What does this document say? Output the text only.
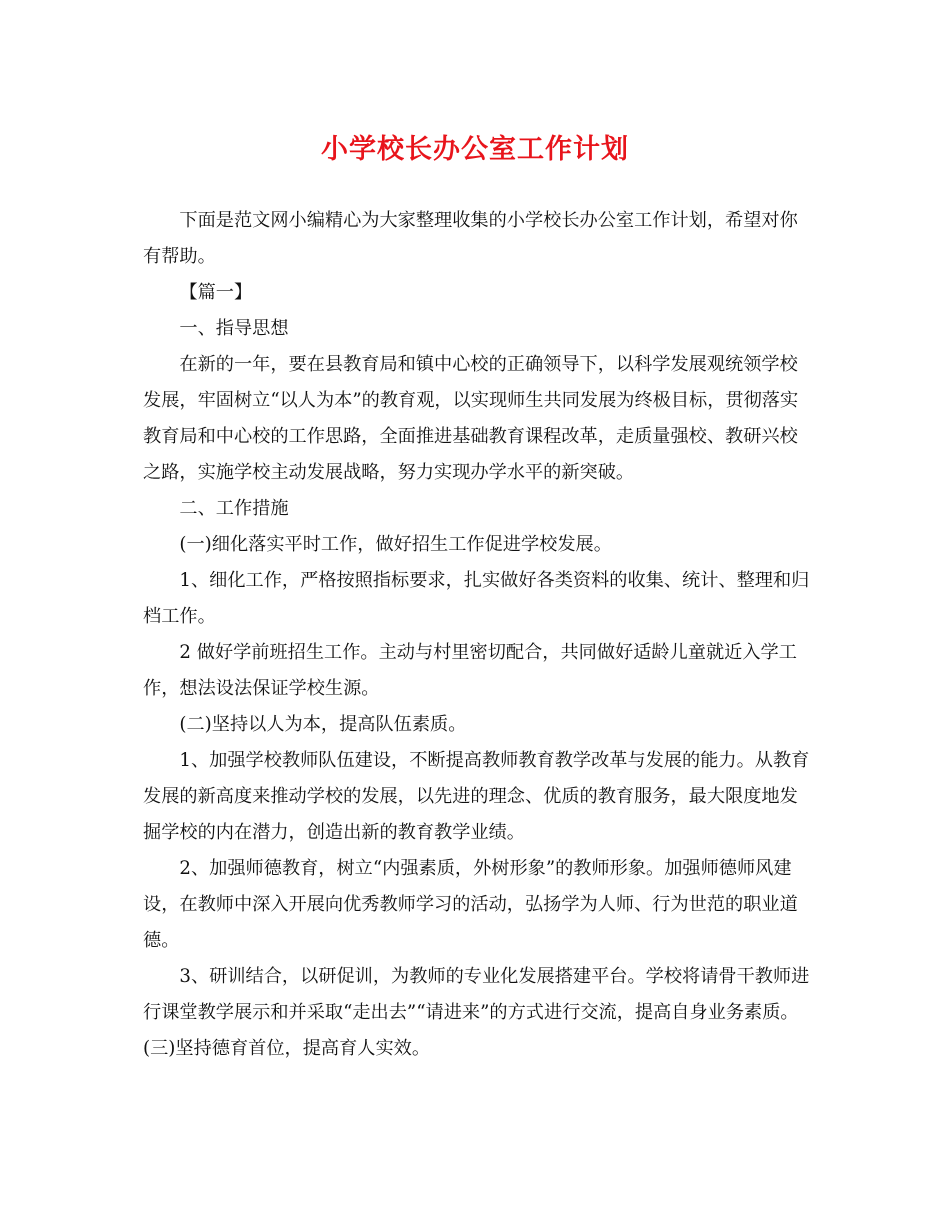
小学校长办公室工作计划

下面是范文网小编精心为大家整理收集的小学校长办公室工作计划，希望对你有帮助。

【篇一】

一、指导思想

在新的一年，要在县教育局和镇中心校的正确领导下，以科学发展观统领学校发展，牢固树立“以人为本”的教育观，以实现师生共同发展为终极目标，贯彻落实教育局和中心校的工作思路，全面推进基础教育课程改革，走质量强校、教研兴校之路，实施学校主动发展战略，努力实现办学水平的新突破。

二、工作措施

(一)细化落实平时工作，做好招生工作促进学校发展。

1、细化工作，严格按照指标要求，扎实做好各类资料的收集、统计、整理和归档工作。

2 做好学前班招生工作。主动与村里密切配合，共同做好适龄儿童就近入学工作，想法设法保证学校生源。

(二)坚持以人为本，提高队伍素质。

1、加强学校教师队伍建设，不断提高教师教育教学改革与发展的能力。从教育发展的新高度来推动学校的发展，以先进的理念、优质的教育服务，最大限度地发掘学校的内在潜力，创造出新的教育教学业绩。

2、加强师德教育，树立“内强素质，外树形象”的教师形象。加强师德师风建设，在教师中深入开展向优秀教师学习的活动，弘扬学为人师、行为世范的职业道德。

3、研训结合，以研促训，为教师的专业化发展搭建平台。学校将请骨干教师进行课堂教学展示和并采取“走出去”“请进来”的方式进行交流，提高自身业务素质。 (三)坚持德育首位，提高育人实效。
